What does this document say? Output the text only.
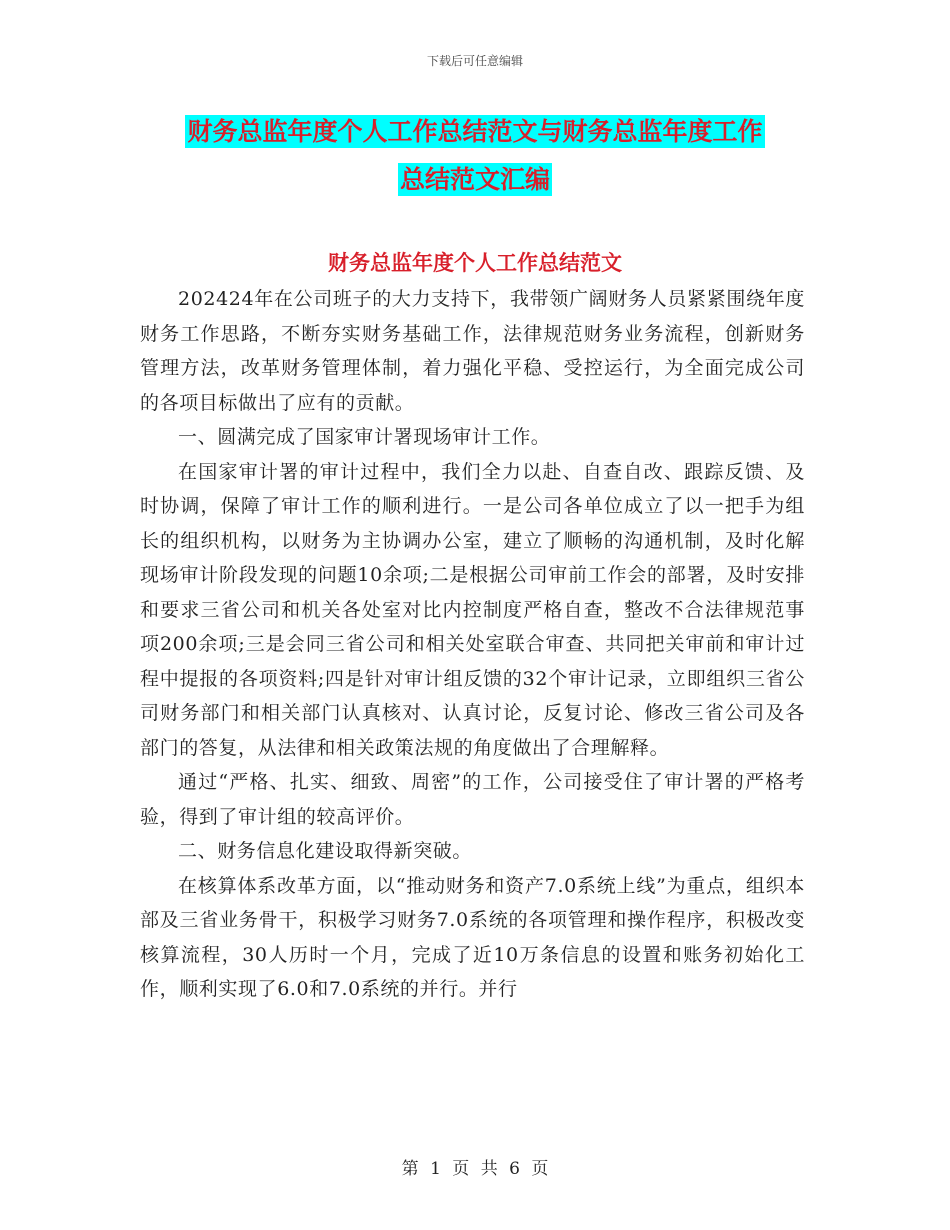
下载后可任意编辑
财务总监年度个人工作总结范文与财务总监年度工作
总结范文汇编
财务总监年度个人工作总结范文

202424年在公司班子的大力支持下，我带领广阔财务人员紧紧围绕年度财务工作思路，不断夯实财务基础工作，法律规范财务业务流程，创新财务管理方法，改革财务管理体制，着力强化平稳、受控运行，为全面完成公司的各项目标做出了应有的贡献。

一、圆满完成了国家审计署现场审计工作。

在国家审计署的审计过程中，我们全力以赴、自查自改、跟踪反馈、及时协调，保障了审计工作的顺利进行。一是公司各单位成立了以一把手为组长的组织机构，以财务为主协调办公室，建立了顺畅的沟通机制，及时化解现场审计阶段发现的问题10余项;二是根据公司审前工作会的部署，及时安排和要求三省公司和机关各处室对比内控制度严格自查，整改不合法律规范事项200余项;三是会同三省公司和相关处室联合审查、共同把关审前和审计过程中提报的各项资料;四是针对审计组反馈的32个审计记录，立即组织三省公司财务部门和相关部门认真核对、认真讨论，反复讨论、修改三省公司及各部门的答复，从法律和相关政策法规的角度做出了合理解释。

通过“严格、扎实、细致、周密”的工作，公司接受住了审计署的严格考验，得到了审计组的较高评价。

二、财务信息化建设取得新突破。

在核算体系改革方面，以“推动财务和资产7.0系统上线”为重点，组织本部及三省业务骨干，积极学习财务7.0系统的各项管理和操作程序，积极改变核算流程，30人历时一个月，完成了近10万条信息的设置和账务初始化工作，顺利实现了6.0和7.0系统的并行。并行

第 1 页 共 6 页
